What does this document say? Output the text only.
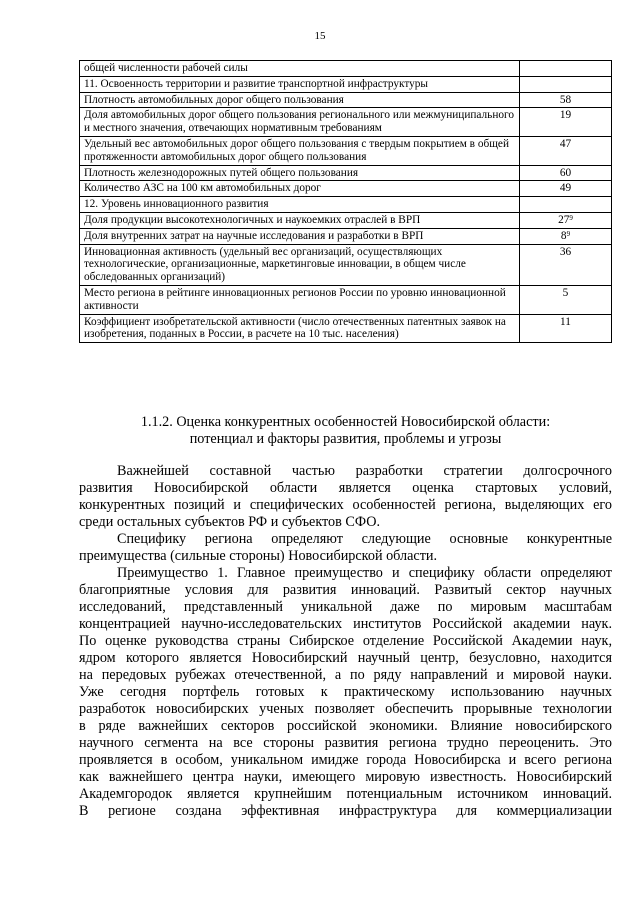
15
общей численности рабочей силы	
11. Освоенность территории и развитие транспортной инфраструктуры	
Плотность автомобильных дорог общего пользования	58
Доля автомобильных дорог общего пользования регионального или межмуниципального и местного значения, отвечающих нормативным требованиям	19
Удельный вес автомобильных дорог общего пользования с твердым покрытием в общей протяженности автомобильных дорог общего пользования	47
Плотность железнодорожных путей общего пользования	60
Количество АЗС на 100 км автомобильных дорог	49
12. Уровень инновационного развития	
Доля продукции высокотехнологичных и наукоемких отраслей в ВРП	$27^9$
Доля внутренних затрат на научные исследования и разработки в ВРП	$8^9$
Инновационная активность (удельный вес организаций, осуществляющих технологические, организационные, маркетинговые инновации, в общем числе обследованных организаций)	36
Место региона в рейтинге инновационных регионов России по уровню инновационной активности	5
Коэффициент изобретательской активности (число отечественных патентных заявок на изобретения, поданных в России, в расчете на 10 тыс. населения)	11
1.1.2. Оценка конкурентных особенностей Новосибирской области:
потенциал и факторы развития, проблемы и угрозы

Важнейшей составной частью разработки стратегии долгосрочного
развития Новосибирской области является оценка стартовых условий,
конкурентных позиций и специфических особенностей региона, выделяющих его
среди остальных субъектов РФ и субъектов СФО.

Специфику региона определяют следующие основные конкурентные
преимущества (сильные стороны) Новосибирской области.

Преимущество 1. Главное преимущество и специфику области определяют
благоприятные условия для развития инноваций. Развитый сектор научных
исследований, представленный уникальной даже по мировым масштабам
концентрацией научно-исследовательских институтов Российской академии наук.
По оценке руководства страны Сибирское отделение Российской Академии наук,
ядром которого является Новосибирский научный центр, безусловно, находится
на передовых рубежах отечественной, а по ряду направлений и мировой науки.
Уже сегодня портфель готовых к практическому использованию научных
разработок новосибирских ученых позволяет обеспечить прорывные технологии
в ряде важнейших секторов российской экономики. Влияние новосибирского
научного сегмента на все стороны развития региона трудно переоценить. Это
проявляется в особом, уникальном имидже города Новосибирска и всего региона
как важнейшего центра науки, имеющего мировую известность. Новосибирский
Академгородок является крупнейшим потенциальным источником инноваций.
В регионе создана эффективная инфраструктура для коммерциализации
